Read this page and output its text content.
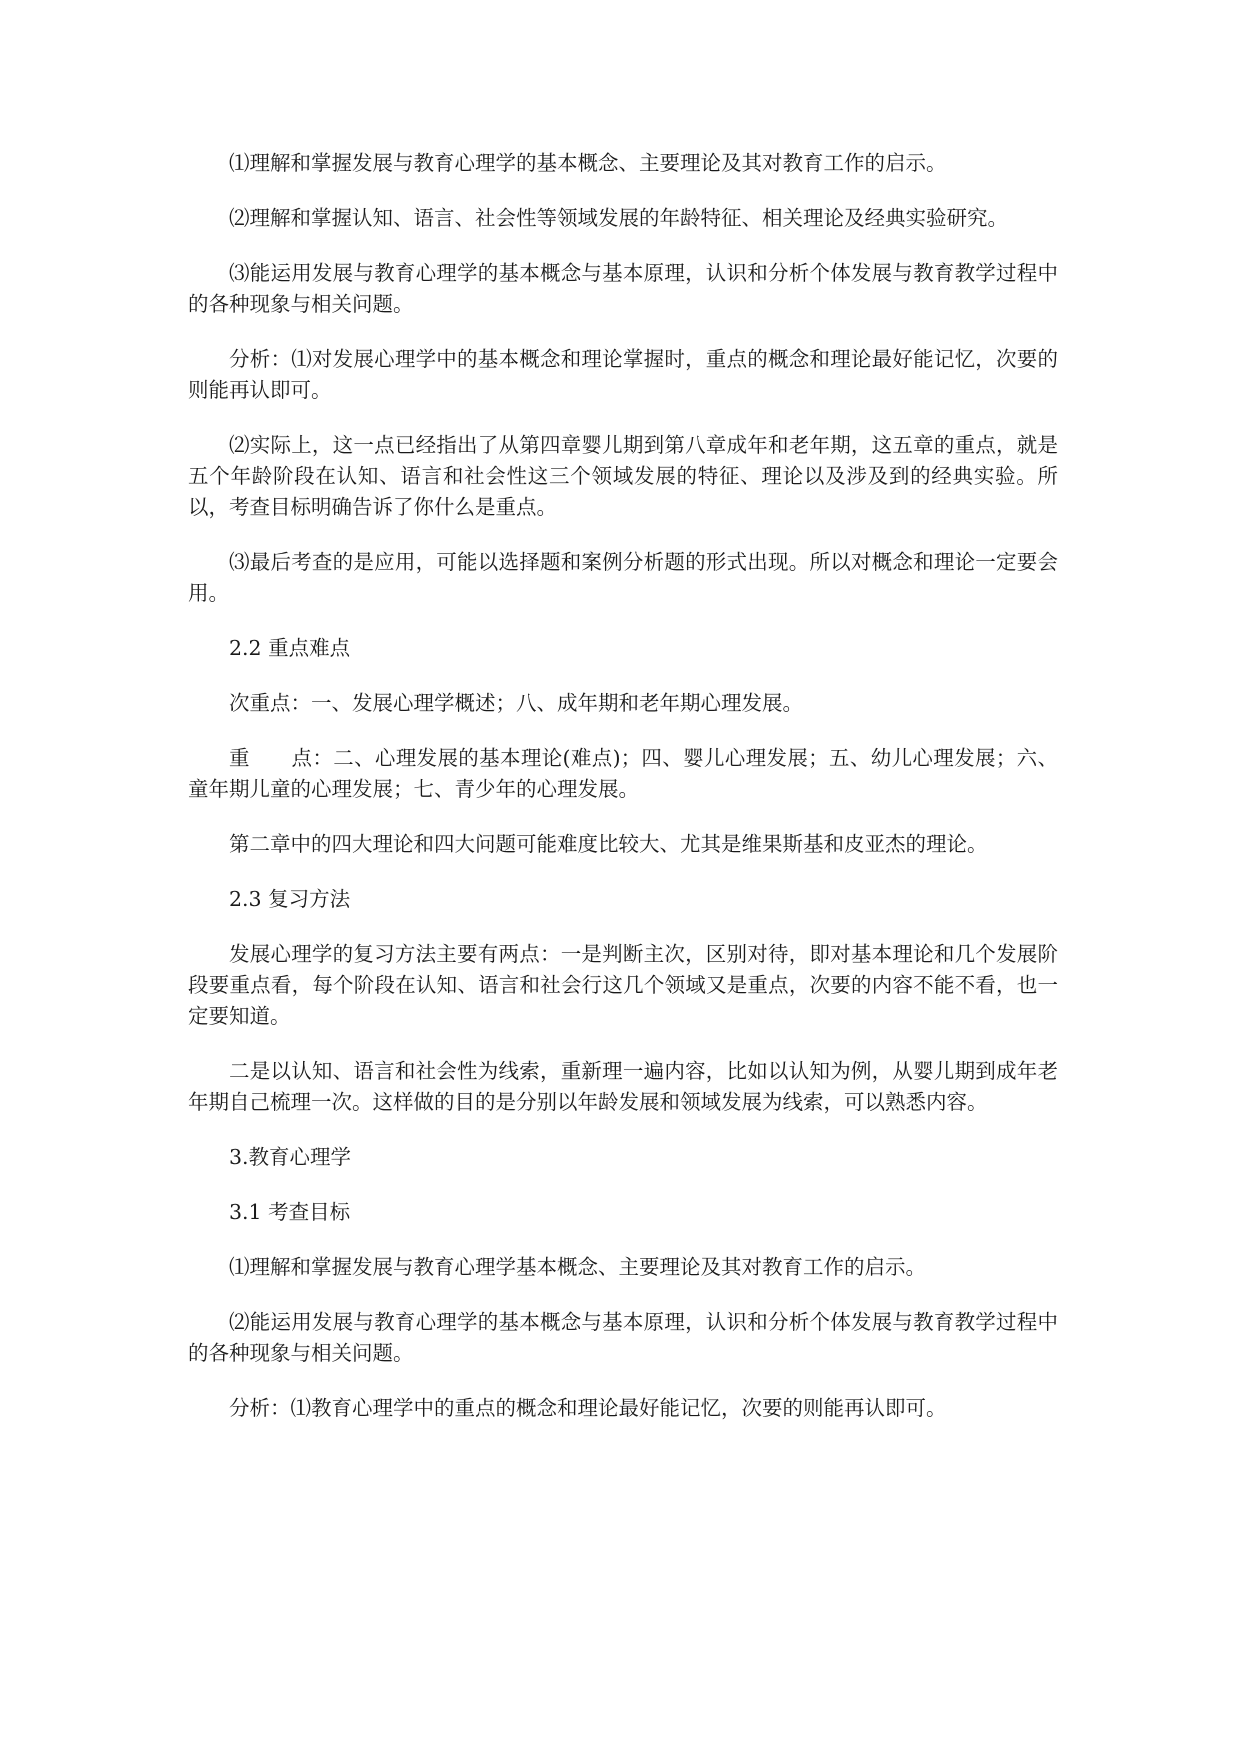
⑴理解和掌握发展与教育心理学的基本概念、主要理论及其对教育工作的启示。

⑵理解和掌握认知、语言、社会性等领域发展的年龄特征、相关理论及经典实验研究。

⑶能运用发展与教育心理学的基本概念与基本原理，认识和分析个体发展与教育教学过程中的各种现象与相关问题。

分析：⑴对发展心理学中的基本概念和理论掌握时，重点的概念和理论最好能记忆，次要的则能再认即可。

⑵实际上，这一点已经指出了从第四章婴儿期到第八章成年和老年期，这五章的重点，就是五个年龄阶段在认知、语言和社会性这三个领域发展的特征、理论以及涉及到的经典实验。所以，考查目标明确告诉了你什么是重点。

⑶最后考查的是应用，可能以选择题和案例分析题的形式出现。所以对概念和理论一定要会用。

2.2 重点难点

次重点：一、发展心理学概述；八、成年期和老年期心理发展。

重　　点：二、心理发展的基本理论(难点)；四、婴儿心理发展；五、幼儿心理发展；六、童年期儿童的心理发展；七、青少年的心理发展。

第二章中的四大理论和四大问题可能难度比较大、尤其是维果斯基和皮亚杰的理论。

2.3 复习方法

发展心理学的复习方法主要有两点：一是判断主次，区别对待，即对基本理论和几个发展阶段要重点看，每个阶段在认知、语言和社会行这几个领域又是重点，次要的内容不能不看，也一定要知道。

二是以认知、语言和社会性为线索，重新理一遍内容，比如以认知为例，从婴儿期到成年老年期自己梳理一次。这样做的目的是分别以年龄发展和领域发展为线索，可以熟悉内容。

3.教育心理学

3.1 考查目标

⑴理解和掌握发展与教育心理学基本概念、主要理论及其对教育工作的启示。

⑵能运用发展与教育心理学的基本概念与基本原理，认识和分析个体发展与教育教学过程中的各种现象与相关问题。

分析：⑴教育心理学中的重点的概念和理论最好能记忆，次要的则能再认即可。
